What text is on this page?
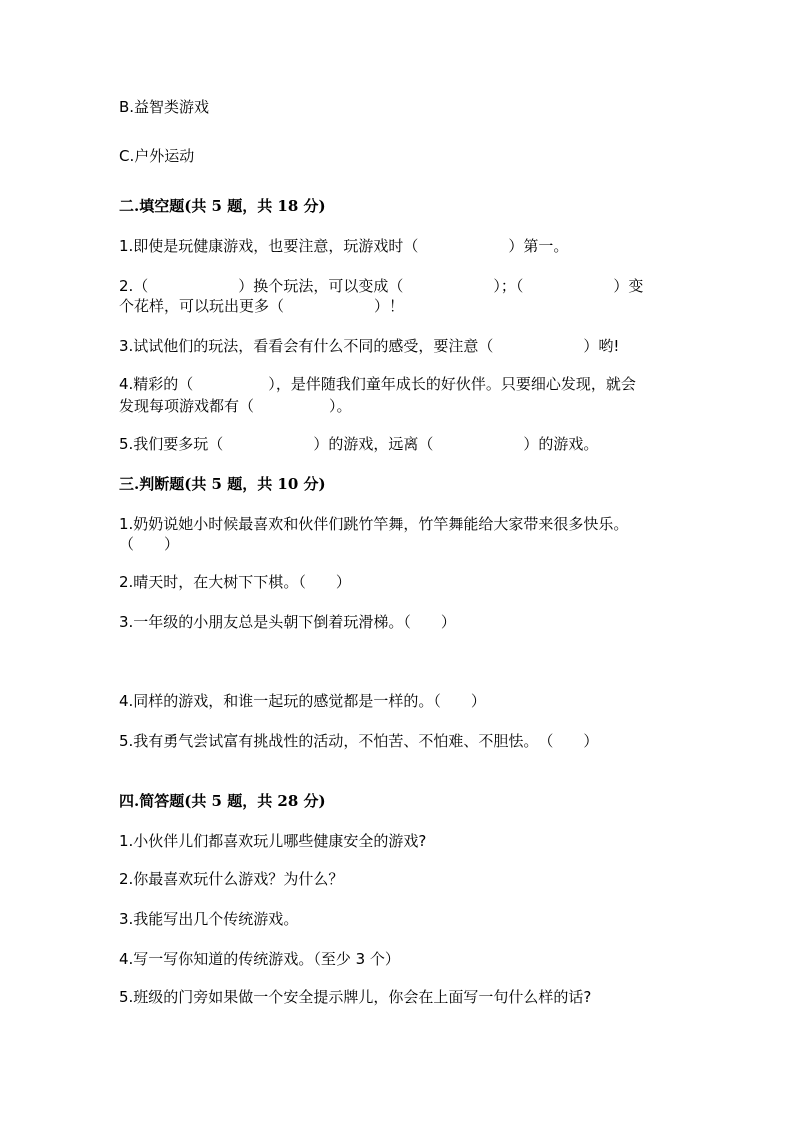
B.益智类游戏
C.户外运动
二.填空题(共 5 题，共 18 分)
1.即使是玩健康游戏，也要注意，玩游戏时（　　　　　　）第一。
2.（　　　　　　）换个玩法，可以变成（　　　　　　）；（　　　　　　）变
个花样，可以玩出更多（　　　　　　）！
3.试试他们的玩法，看看会有什么不同的感受，要注意（　　　　　　）哟!
4.精彩的（　　　　　），是伴随我们童年成长的好伙伴。只要细心发现，就会
发现每项游戏都有（　　　　　）。
5.我们要多玩（　　　　　　）的游戏，远离（　　　　　　）的游戏。
三.判断题(共 5 题，共 10 分)
1.奶奶说她小时候最喜欢和伙伴们跳竹竿舞，竹竿舞能给大家带来很多快乐。
（　　）
2.晴天时，在大树下下棋。（　　）
3.一年级的小朋友总是头朝下倒着玩滑梯。（　　）
4.同样的游戏，和谁一起玩的感觉都是一样的。（　　）
5.我有勇气尝试富有挑战性的活动，不怕苦、不怕难、不胆怯。　（　　）
四.简答题(共 5 题，共 28 分)
1.小伙伴儿们都喜欢玩儿哪些健康安全的游戏?
2.你最喜欢玩什么游戏？为什么？
3.我能写出几个传统游戏。
4.写一写你知道的传统游戏。（至少 3 个）
5.班级的门旁如果做一个安全提示牌儿，你会在上面写一句什么样的话?
